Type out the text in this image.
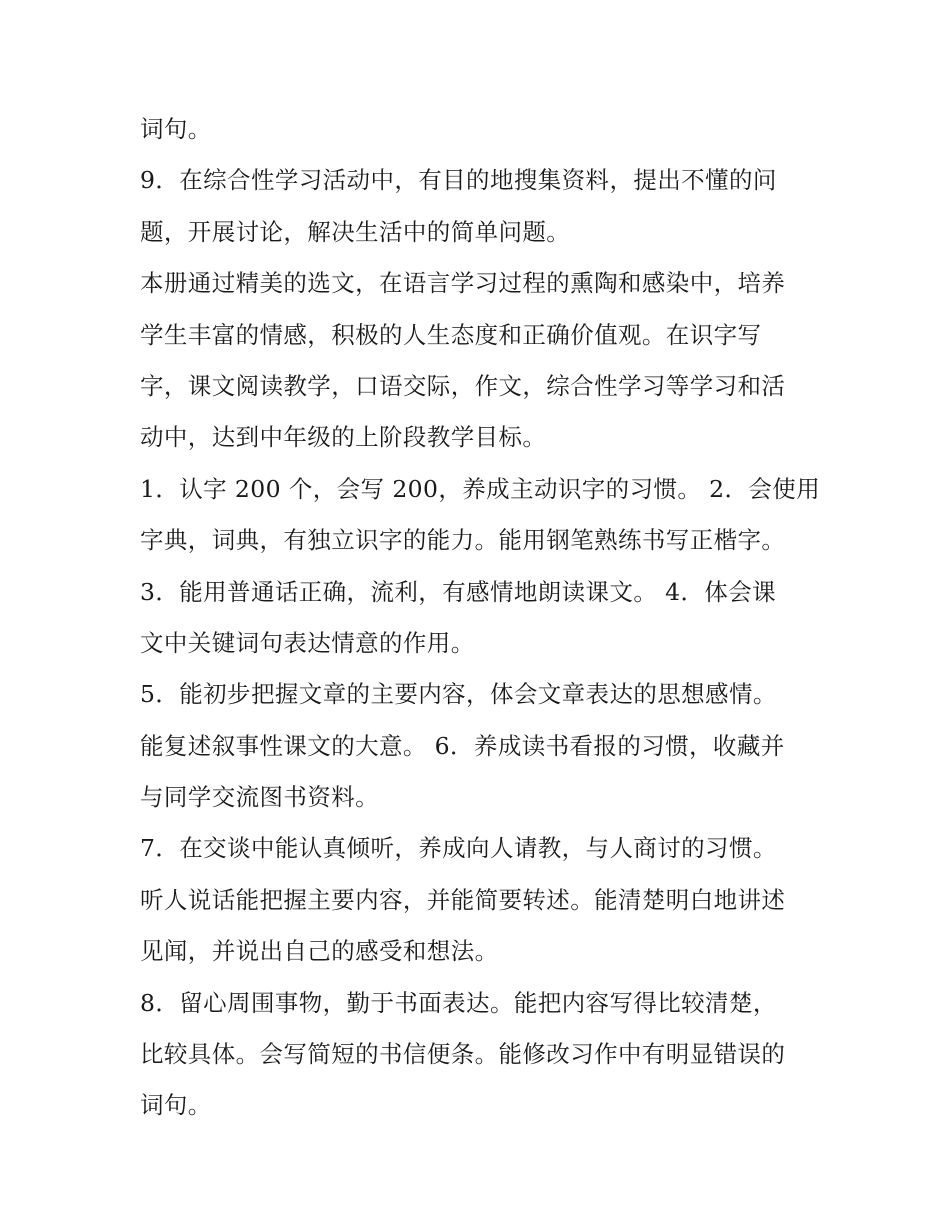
词句。
9．在综合性学习活动中，有目的地搜集资料，提出不懂的问
题，开展讨论，解决生活中的简单问题。
本册通过精美的选文，在语言学习过程的熏陶和感染中，培养
学生丰富的情感，积极的人生态度和正确价值观。在识字写
字，课文阅读教学，口语交际，作文，综合性学习等学习和活
动中，达到中年级的上阶段教学目标。
1．认字 200 个，会写 200，养成主动识字的习惯。 2．会使用
字典，词典，有独立识字的能力。能用钢笔熟练书写正楷字。
3．能用普通话正确，流利，有感情地朗读课文。 4．体会课
文中关键词句表达情意的作用。
5．能初步把握文章的主要内容，体会文章表达的思想感情。
能复述叙事性课文的大意。 6．养成读书看报的习惯，收藏并
与同学交流图书资料。
7．在交谈中能认真倾听，养成向人请教，与人商讨的习惯。
听人说话能把握主要内容，并能简要转述。能清楚明白地讲述
见闻，并说出自己的感受和想法。
8．留心周围事物，勤于书面表达。能把内容写得比较清楚，
比较具体。会写简短的书信便条。能修改习作中有明显错误的
词句。
